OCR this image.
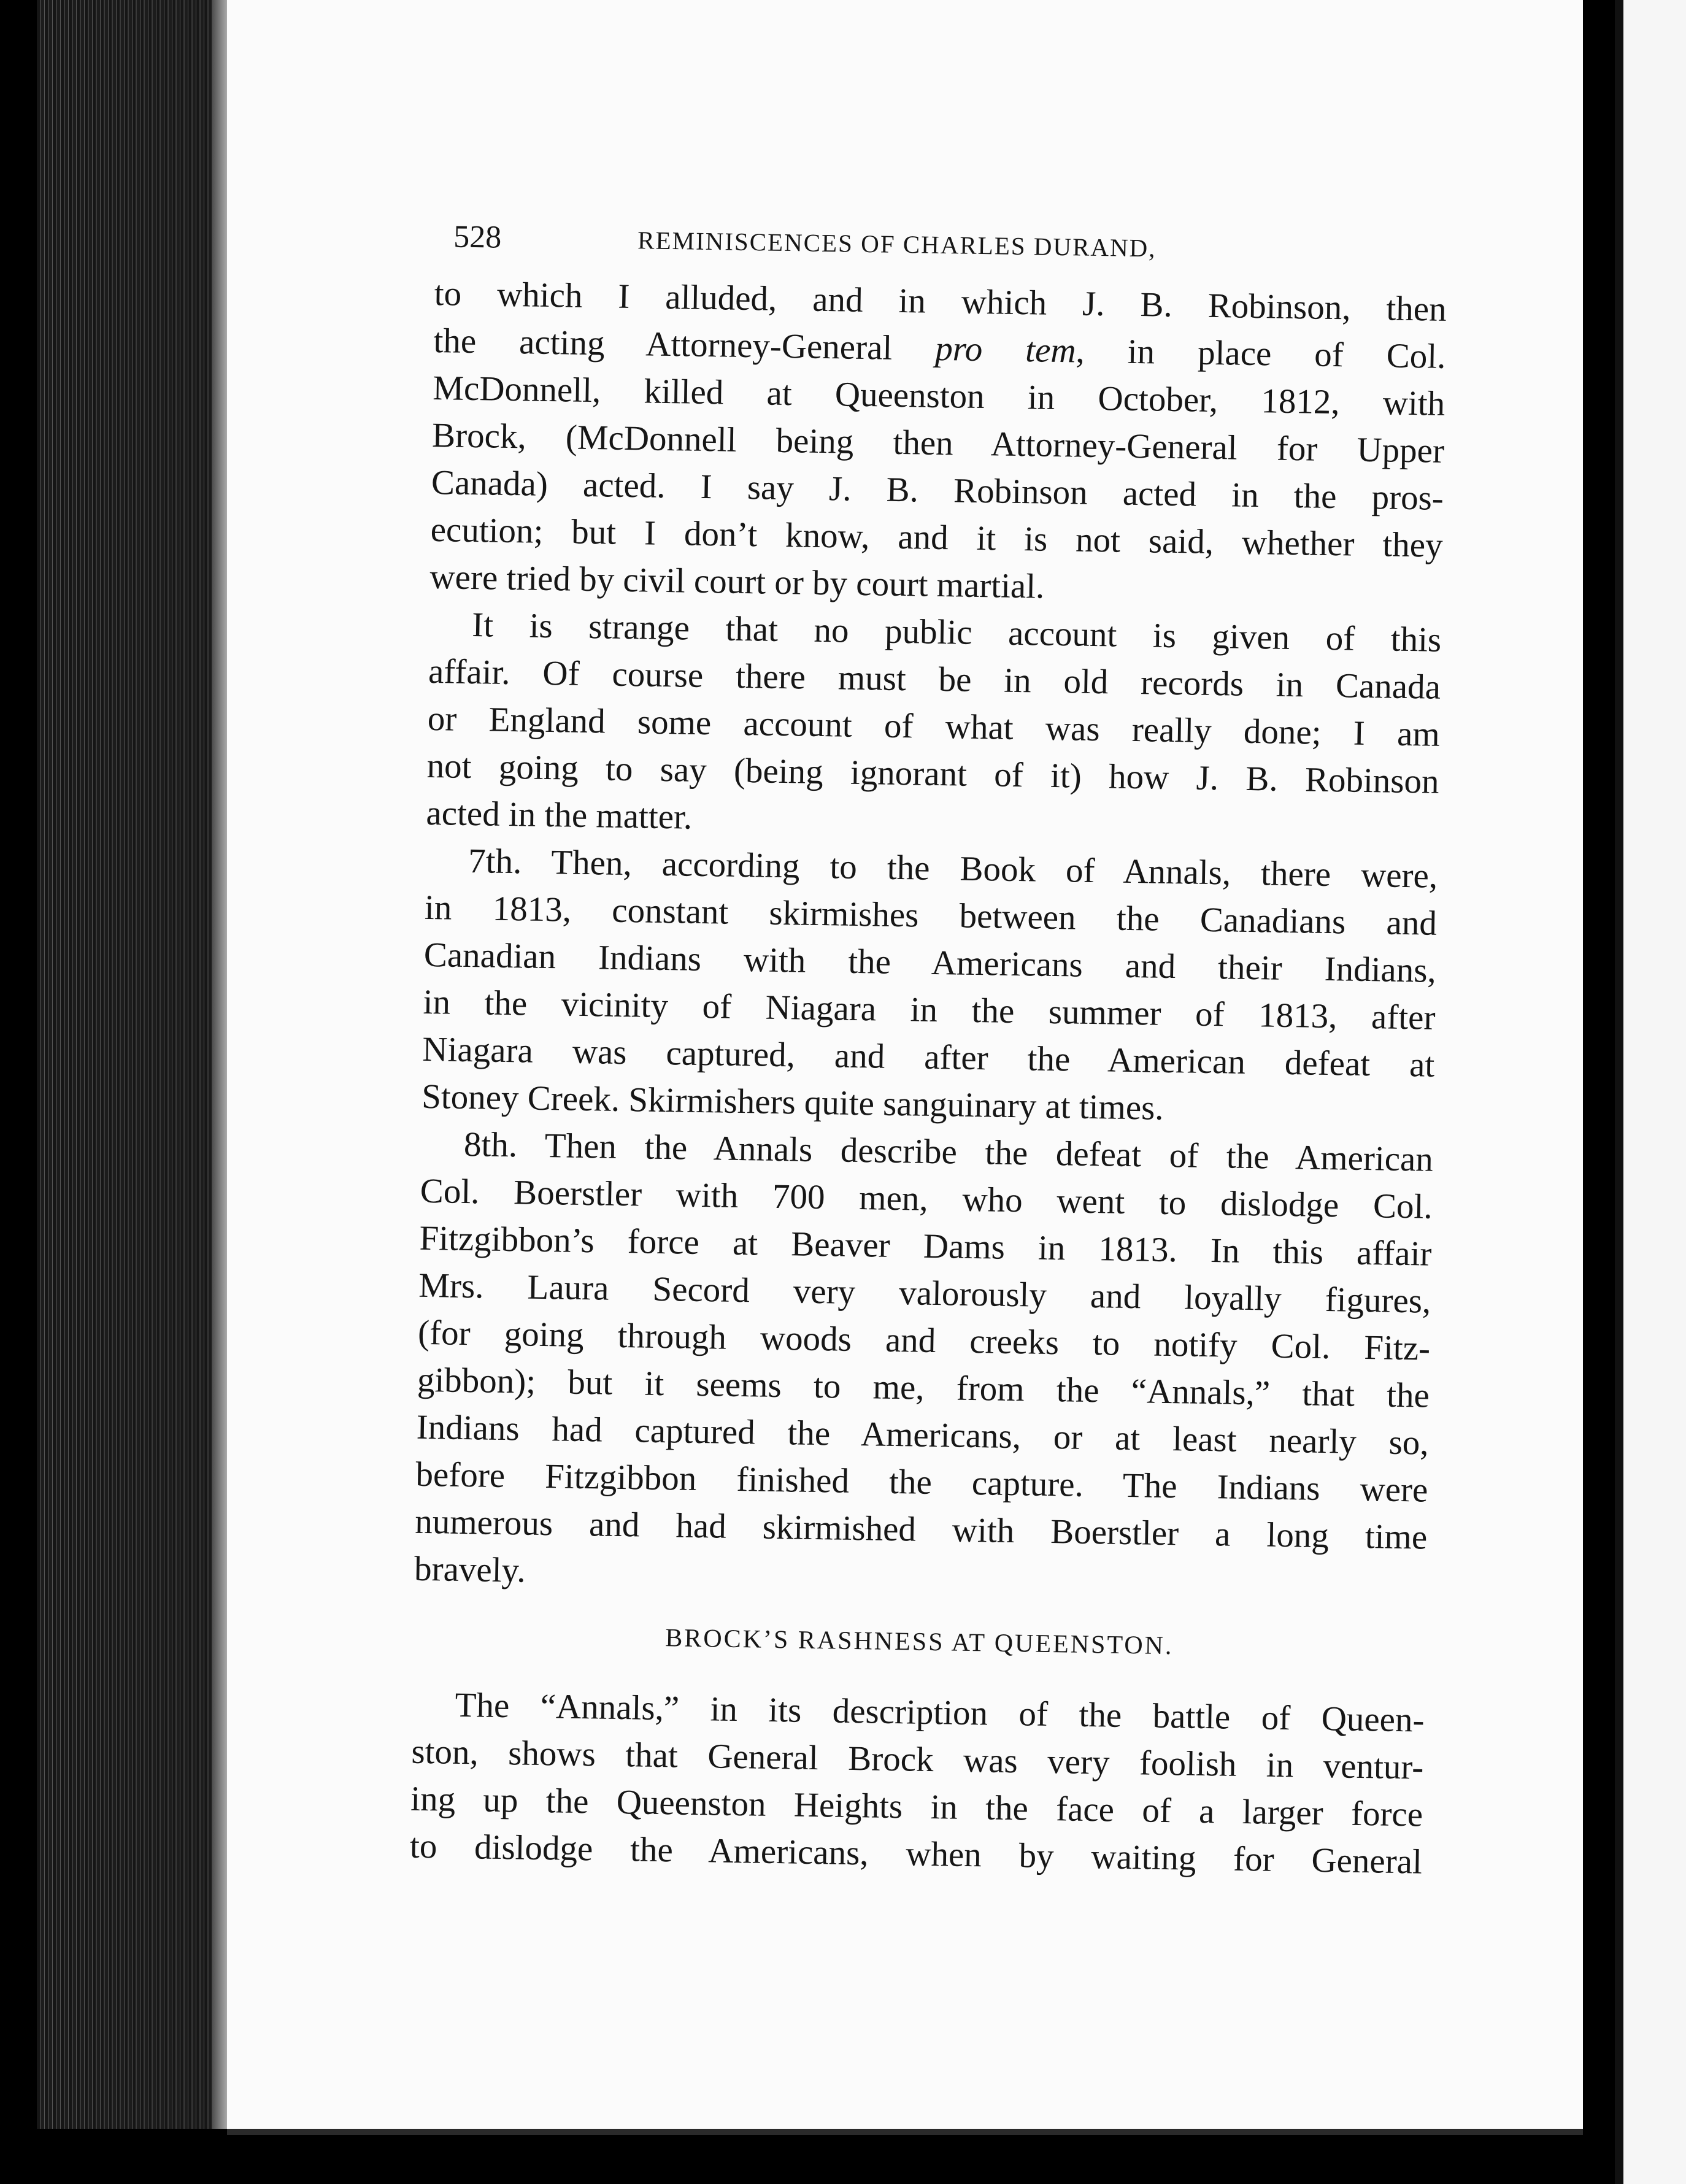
528	REMINISCENCES OF CHARLES DURAND,

to which I alluded, and in which J. B. Robinson, then
the acting Attorney-General pro tem, in place of Col.
McDonnell, killed at Queenston in October, 1812, with
Brock, (McDonnell being then Attorney-General for Upper
Canada) acted. I say J. B. Robinson acted in the pros-
ecution; but I don’t know, and it is not said, whether they
were tried by civil court or by court martial.

It is strange that no public account is given of this
affair. Of course there must be in old records in Canada
or England some account of what was really done; I am
not going to say (being ignorant of it) how J. B. Robinson
acted in the matter.

7th. Then, according to the Book of Annals, there were,
in 1813, constant skirmishes between the Canadians and
Canadian Indians with the Americans and their Indians,
in the vicinity of Niagara in the summer of 1813, after
Niagara was captured, and after the American defeat at
Stoney Creek. Skirmishers quite sanguinary at times.

8th. Then the Annals describe the defeat of the American
Col. Boerstler with 700 men, who went to dislodge Col.
Fitzgibbon’s force at Beaver Dams in 1813. In this affair
Mrs. Laura Secord very valorously and loyally figures,
(for going through woods and creeks to notify Col. Fitz-
gibbon); but it seems to me, from the “Annals,” that the
Indians had captured the Americans, or at least nearly so,
before Fitzgibbon finished the capture. The Indians were
numerous and had skirmished with Boerstler a long time
bravely.

BROCK’S RASHNESS AT QUEENSTON.

The “Annals,” in its description of the battle of Queen-
ston, shows that General Brock was very foolish in ventur-
ing up the Queenston Heights in the face of a larger force
to dislodge the Americans, when by waiting for General
